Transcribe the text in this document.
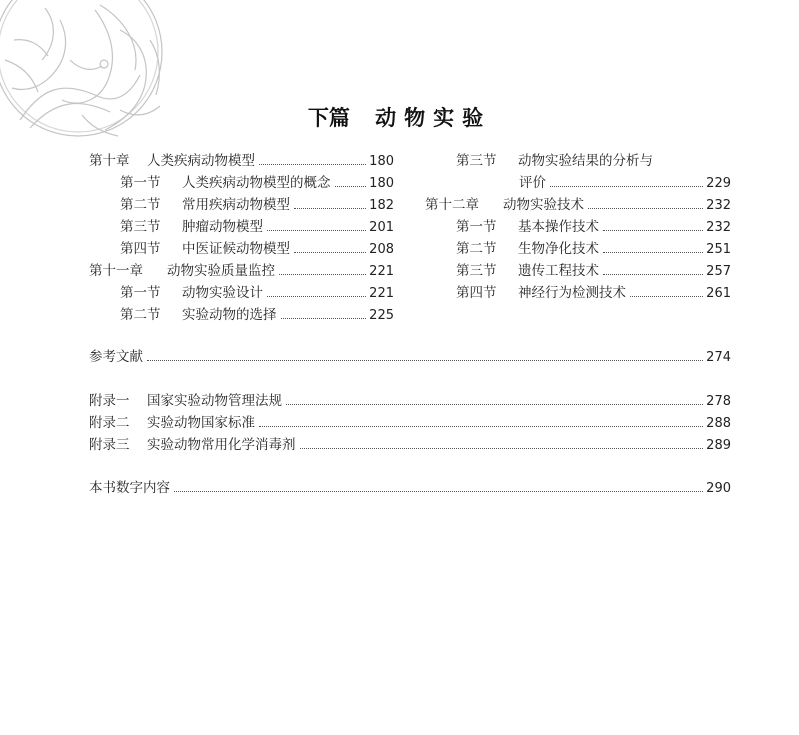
下篇 动物实验
第十章	人类疾病动物模型	180
第一节	人类疾病动物模型的概念	180
第二节	常用疾病动物模型	182
第三节	肿瘤动物模型	201
第四节	中医证候动物模型	208
第十一章	动物实验质量监控	221
第一节	动物实验设计	221
第二节	实验动物的选择	225
第三节	动物实验结果的分析与
评价	229
第十二章	动物实验技术	232
第一节	基本操作技术	232
第二节	生物净化技术	251
第三节	遗传工程技术	257
第四节	神经行为检测技术	261
参考文献	274
附录一	国家实验动物管理法规	278
附录二	实验动物国家标准	288
附录三	实验动物常用化学消毒剂	289
本书数字内容	290
